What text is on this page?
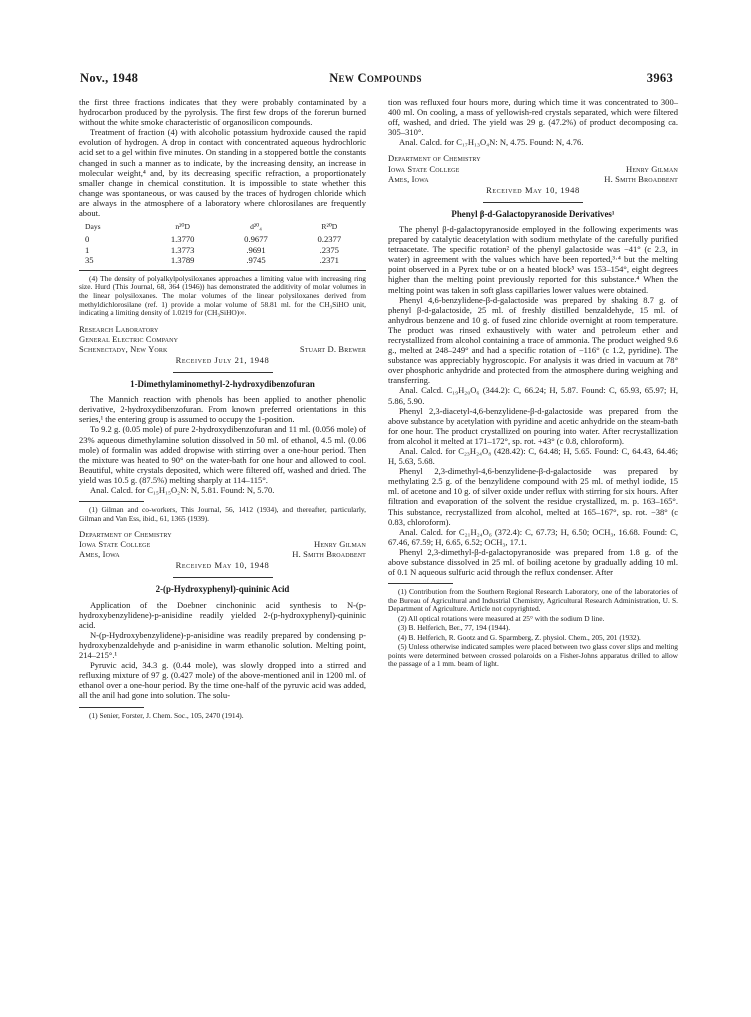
Nov., 1948	New Compounds	3963

the first three fractions indicates that they were probably contaminated by a hydrocarbon produced by the pyrolysis. The first few drops of the forerun burned without the white smoke characteristic of organosilicon compounds.

Treatment of fraction (4) with alcoholic potassium hydroxide caused the rapid evolution of hydrogen. A drop in contact with concentrated aqueous hydrochloric acid set to a gel within five minutes. On standing in a stoppered bottle the constants changed in such a manner as to indicate, by the increasing density, an increase in molecular weight,⁴ and, by its decreasing specific refraction, a proportionately smaller change in chemical constitution. It is impossible to state whether this change was spontaneous, or was caused by the traces of hydrogen chloride which are always in the atmosphere of a laboratory where chlorosilanes are frequently about.

Days	n²⁰D	d²⁰₄	R²⁰D
0	1.3770	0.9677	0.2377
1	1.3773	.9691	.2375
35	1.3789	.9745	.2371

(4) The density of polyalkylpolysiloxanes approaches a limiting value with increasing ring size. Hurd (This Journal, 68, 364 (1946)) has demonstrated the additivity of molar volumes in the linear polysiloxanes. The molar volumes of the linear polysiloxanes derived from methyldichlorosilane (ref. 1) provide a molar volume of 58.81 ml. for the CH₃SiHO unit, indicating a limiting density of 1.0219 for (CH₃SiHO)∞.

Research Laboratory
General Electric Company
Schenectady, New York	Stuart D. Brewer
Received July 21, 1948

1-Dimethylaminomethyl-2-hydroxydibenzofuran

The Mannich reaction with phenols has been applied to another phenolic derivative, 2-hydroxydibenzofuran. From known preferred orientations in this series,¹ the entering group is assumed to occupy the 1-position.

To 9.2 g. (0.05 mole) of pure 2-hydroxydibenzofuran and 11 ml. (0.056 mole) of 23% aqueous dimethylamine solution dissolved in 50 ml. of ethanol, 4.5 ml. (0.06 mole) of formalin was added dropwise with stirring over a one-hour period. Then the mixture was heated to 90° on the water-bath for one hour and allowed to cool. Beautiful, white crystals deposited, which were filtered off, washed and dried. The yield was 10.5 g. (87.5%) melting sharply at 114–115°.

Anal. Calcd. for C₁₅H₁₅O₂N: N, 5.81. Found: N, 5.70.

(1) Gilman and co-workers, This Journal, 56, 1412 (1934), and thereafter, particularly, Gilman and Van Ess, ibid., 61, 1365 (1939).

Department of Chemistry
Iowa State College	Henry Gilman
Ames, Iowa	H. Smith Broadbent
Received May 10, 1948

2-(p-Hydroxyphenyl)-quininic Acid

Application of the Doebner cinchoninic acid synthesis to N-(p-hydroxybenzylidene)-p-anisidine readily yielded 2-(p-hydroxyphenyl)-quininic acid.

N-(p-Hydroxybenzylidene)-p-anisidine was readily prepared by condensing p-hydroxybenzaldehyde and p-anisidine in warm ethanolic solution. Melting point, 214–215°.¹

Pyruvic acid, 34.3 g. (0.44 mole), was slowly dropped into a stirred and refluxing mixture of 97 g. (0.427 mole) of the above-mentioned anil in 1200 ml. of ethanol over a one-hour period. By the time one-half of the pyruvic acid was added, all the anil had gone into solution. The solu-

(1) Senier, Forster, J. Chem. Soc., 105, 2470 (1914).

tion was refluxed four hours more, during which time it was concentrated to 300–400 ml. On cooling, a mass of yellowish-red crystals separated, which were filtered off, washed, and dried. The yield was 29 g. (47.2%) of product decomposing ca. 305–310°.

Anal. Calcd. for C₁₇H₁₃O₄N: N, 4.75. Found: N, 4.76.

Department of Chemistry
Iowa State College	Henry Gilman
Ames, Iowa	H. Smith Broadbent
Received May 10, 1948

Phenyl β-d-Galactopyranoside Derivatives¹

The phenyl β-d-galactopyranoside employed in the following experiments was prepared by catalytic deacetylation with sodium methylate of the carefully purified tetraacetate. The specific rotation² of the phenyl galactoside was −41° (c 2.3, in water) in agreement with the values which have been reported,³·⁴ but the melting point observed in a Pyrex tube or on a heated block⁵ was 153–154°, eight degrees higher than the melting point previously reported for this substance.⁴ When the melting point was taken in soft glass capillaries lower values were obtained.

Phenyl 4,6-benzylidene-β-d-galactoside was prepared by shaking 8.7 g. of phenyl β-d-galactoside, 25 ml. of freshly distilled benzaldehyde, 15 ml. of anhydrous benzene and 10 g. of fused zinc chloride overnight at room temperature. The product was rinsed exhaustively with water and petroleum ether and recrystallized from alcohol containing a trace of ammonia. The product weighed 9.6 g., melted at 248–249° and had a specific rotation of −116° (c 1.2, pyridine). The substance was appreciably hygroscopic. For analysis it was dried in vacuum at 78° over phosphoric anhydride and protected from the atmosphere during weighing and transferring.

Anal. Calcd. C₁₉H₂₀O₆ (344.2): C, 66.24; H, 5.87. Found: C, 65.93, 65.97; H, 5.86, 5.90.

Phenyl 2,3-diacetyl-4,6-benzylidene-β-d-galactoside was prepared from the above substance by acetylation with pyridine and acetic anhydride on the steam-bath for one hour. The product crystallized on pouring into water. After recrystallization from alcohol it melted at 171–172°, sp. rot. +43° (c 0.8, chloroform).

Anal. Calcd. for C₂₃H₂₄O₈ (428.42): C, 64.48; H, 5.65. Found: C, 64.43, 64.46; H, 5.63, 5.68.

Phenyl 2,3-dimethyl-4,6-benzylidene-β-d-galactoside was prepared by methylating 2.5 g. of the benzylidene compound with 25 ml. of methyl iodide, 15 ml. of acetone and 10 g. of silver oxide under reflux with stirring for six hours. After filtration and evaporation of the solvent the residue crystallized, m. p. 163–165°. This substance, recrystallized from alcohol, melted at 165–167°, sp. rot. −38° (c 0.83, chloroform).

Anal. Calcd. for C₂₁H₂₄O₆ (372.4): C, 67.73; H, 6.50; OCH₃, 16.68. Found: C, 67.46, 67.59; H, 6.65, 6.52; OCH₃, 17.1.

Phenyl 2,3-dimethyl-β-d-galactopyranoside was prepared from 1.8 g. of the above substance dissolved in 25 ml. of boiling acetone by gradually adding 10 ml. of 0.1 N aqueous sulfuric acid through the reflux condenser. After

(1) Contribution from the Southern Regional Research Laboratory, one of the laboratories of the Bureau of Agricultural and Industrial Chemistry, Agricultural Research Administration, U. S. Department of Agriculture. Article not copyrighted.

(2) All optical rotations were measured at 25° with the sodium D line.

(3) B. Helferich, Ber., 77, 194 (1944).

(4) B. Helferich, R. Gootz and G. Sparmberg, Z. physiol. Chem., 205, 201 (1932).

(5) Unless otherwise indicated samples were placed between two glass cover slips and melting points were determined between crossed polaroids on a Fisher-Johns apparatus drilled to allow the passage of a 1 mm. beam of light.
